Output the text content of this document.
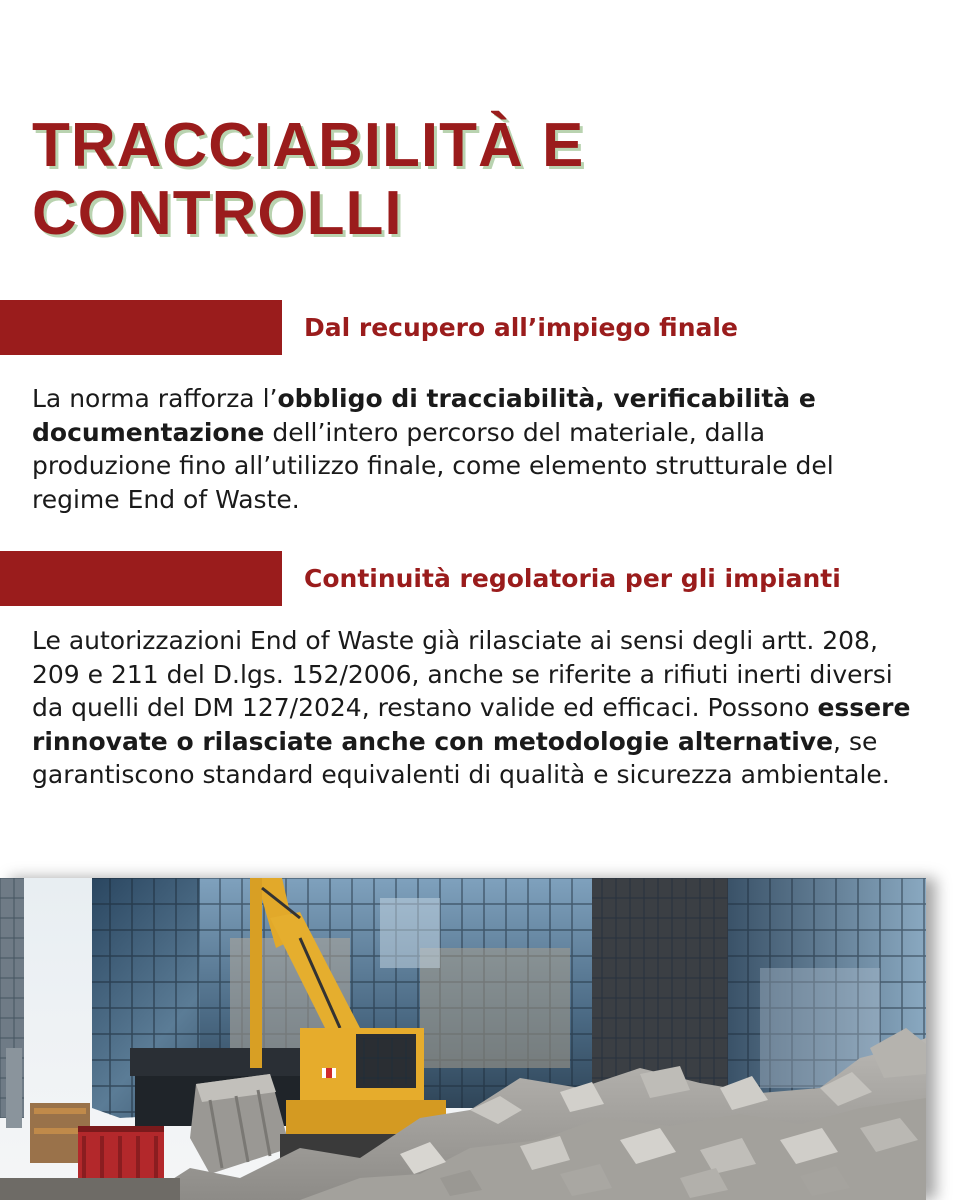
TRACCIABILITÀ E
CONTROLLI
Dal recupero all’impiego finale

La norma rafforza l’obbligo di tracciabilità, verificabilità e documentazione dell’intero percorso del materiale, dalla produzione fino all’utilizzo finale, come elemento strutturale del regime End of Waste.

Continuità regolatoria per gli impianti

Le autorizzazioni End of Waste già rilasciate ai sensi degli artt. 208, 209 e 211 del D.lgs. 152/2006, anche se riferite a rifiuti inerti diversi da quelli del DM 127/2024, restano valide ed efficaci. Possono essere rinnovate o rilasciate anche con metodologie alternative, se garantiscono standard equivalenti di qualità e sicurezza ambientale.
